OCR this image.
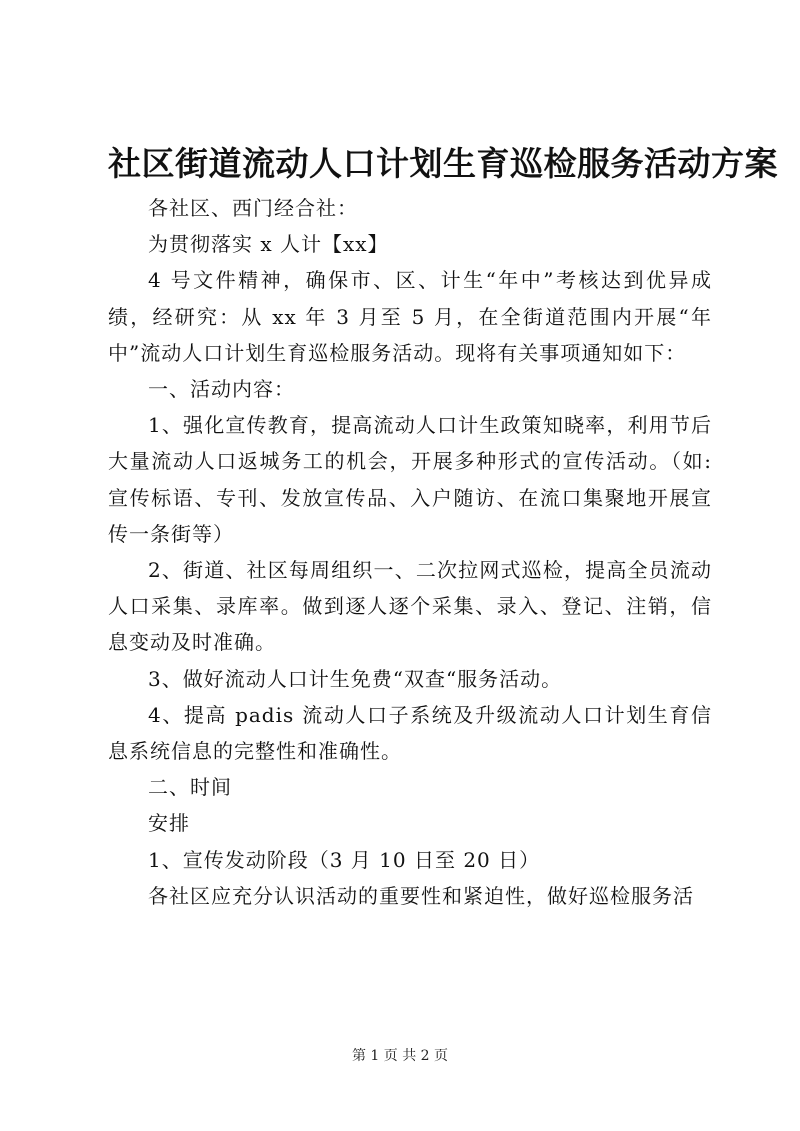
社区街道流动人口计划生育巡检服务活动方案

各社区、西门经合社：

为贯彻落实 x 人计【xx】

4 号文件精神，确保市、区、计生“年中”考核达到优异成绩，经研究：从 xx 年 3 月至 5 月，在全街道范围内开展“年中”流动人口计划生育巡检服务活动。现将有关事项通知如下：

一、活动内容：

1、强化宣传教育，提高流动人口计生政策知晓率，利用节后大量流动人口返城务工的机会，开展多种形式的宣传活动。（如: 宣传标语、专刊、发放宣传品、入户随访、在流口集聚地开展宣传一条街等）

2、街道、社区每周组织一、二次拉网式巡检，提高全员流动人口采集、录库率。做到逐人逐个采集、录入、登记、注销，信息变动及时准确。

3、做好流动人口计生免费“双查“服务活动。

4、提高 padis 流动人口子系统及升级流动人口计划生育信息系统信息的完整性和准确性。

二、时间

安排

1、宣传发动阶段（3 月 10 日至 20 日）

各社区应充分认识活动的重要性和紧迫性，做好巡检服务活

第 1 页 共 2 页
